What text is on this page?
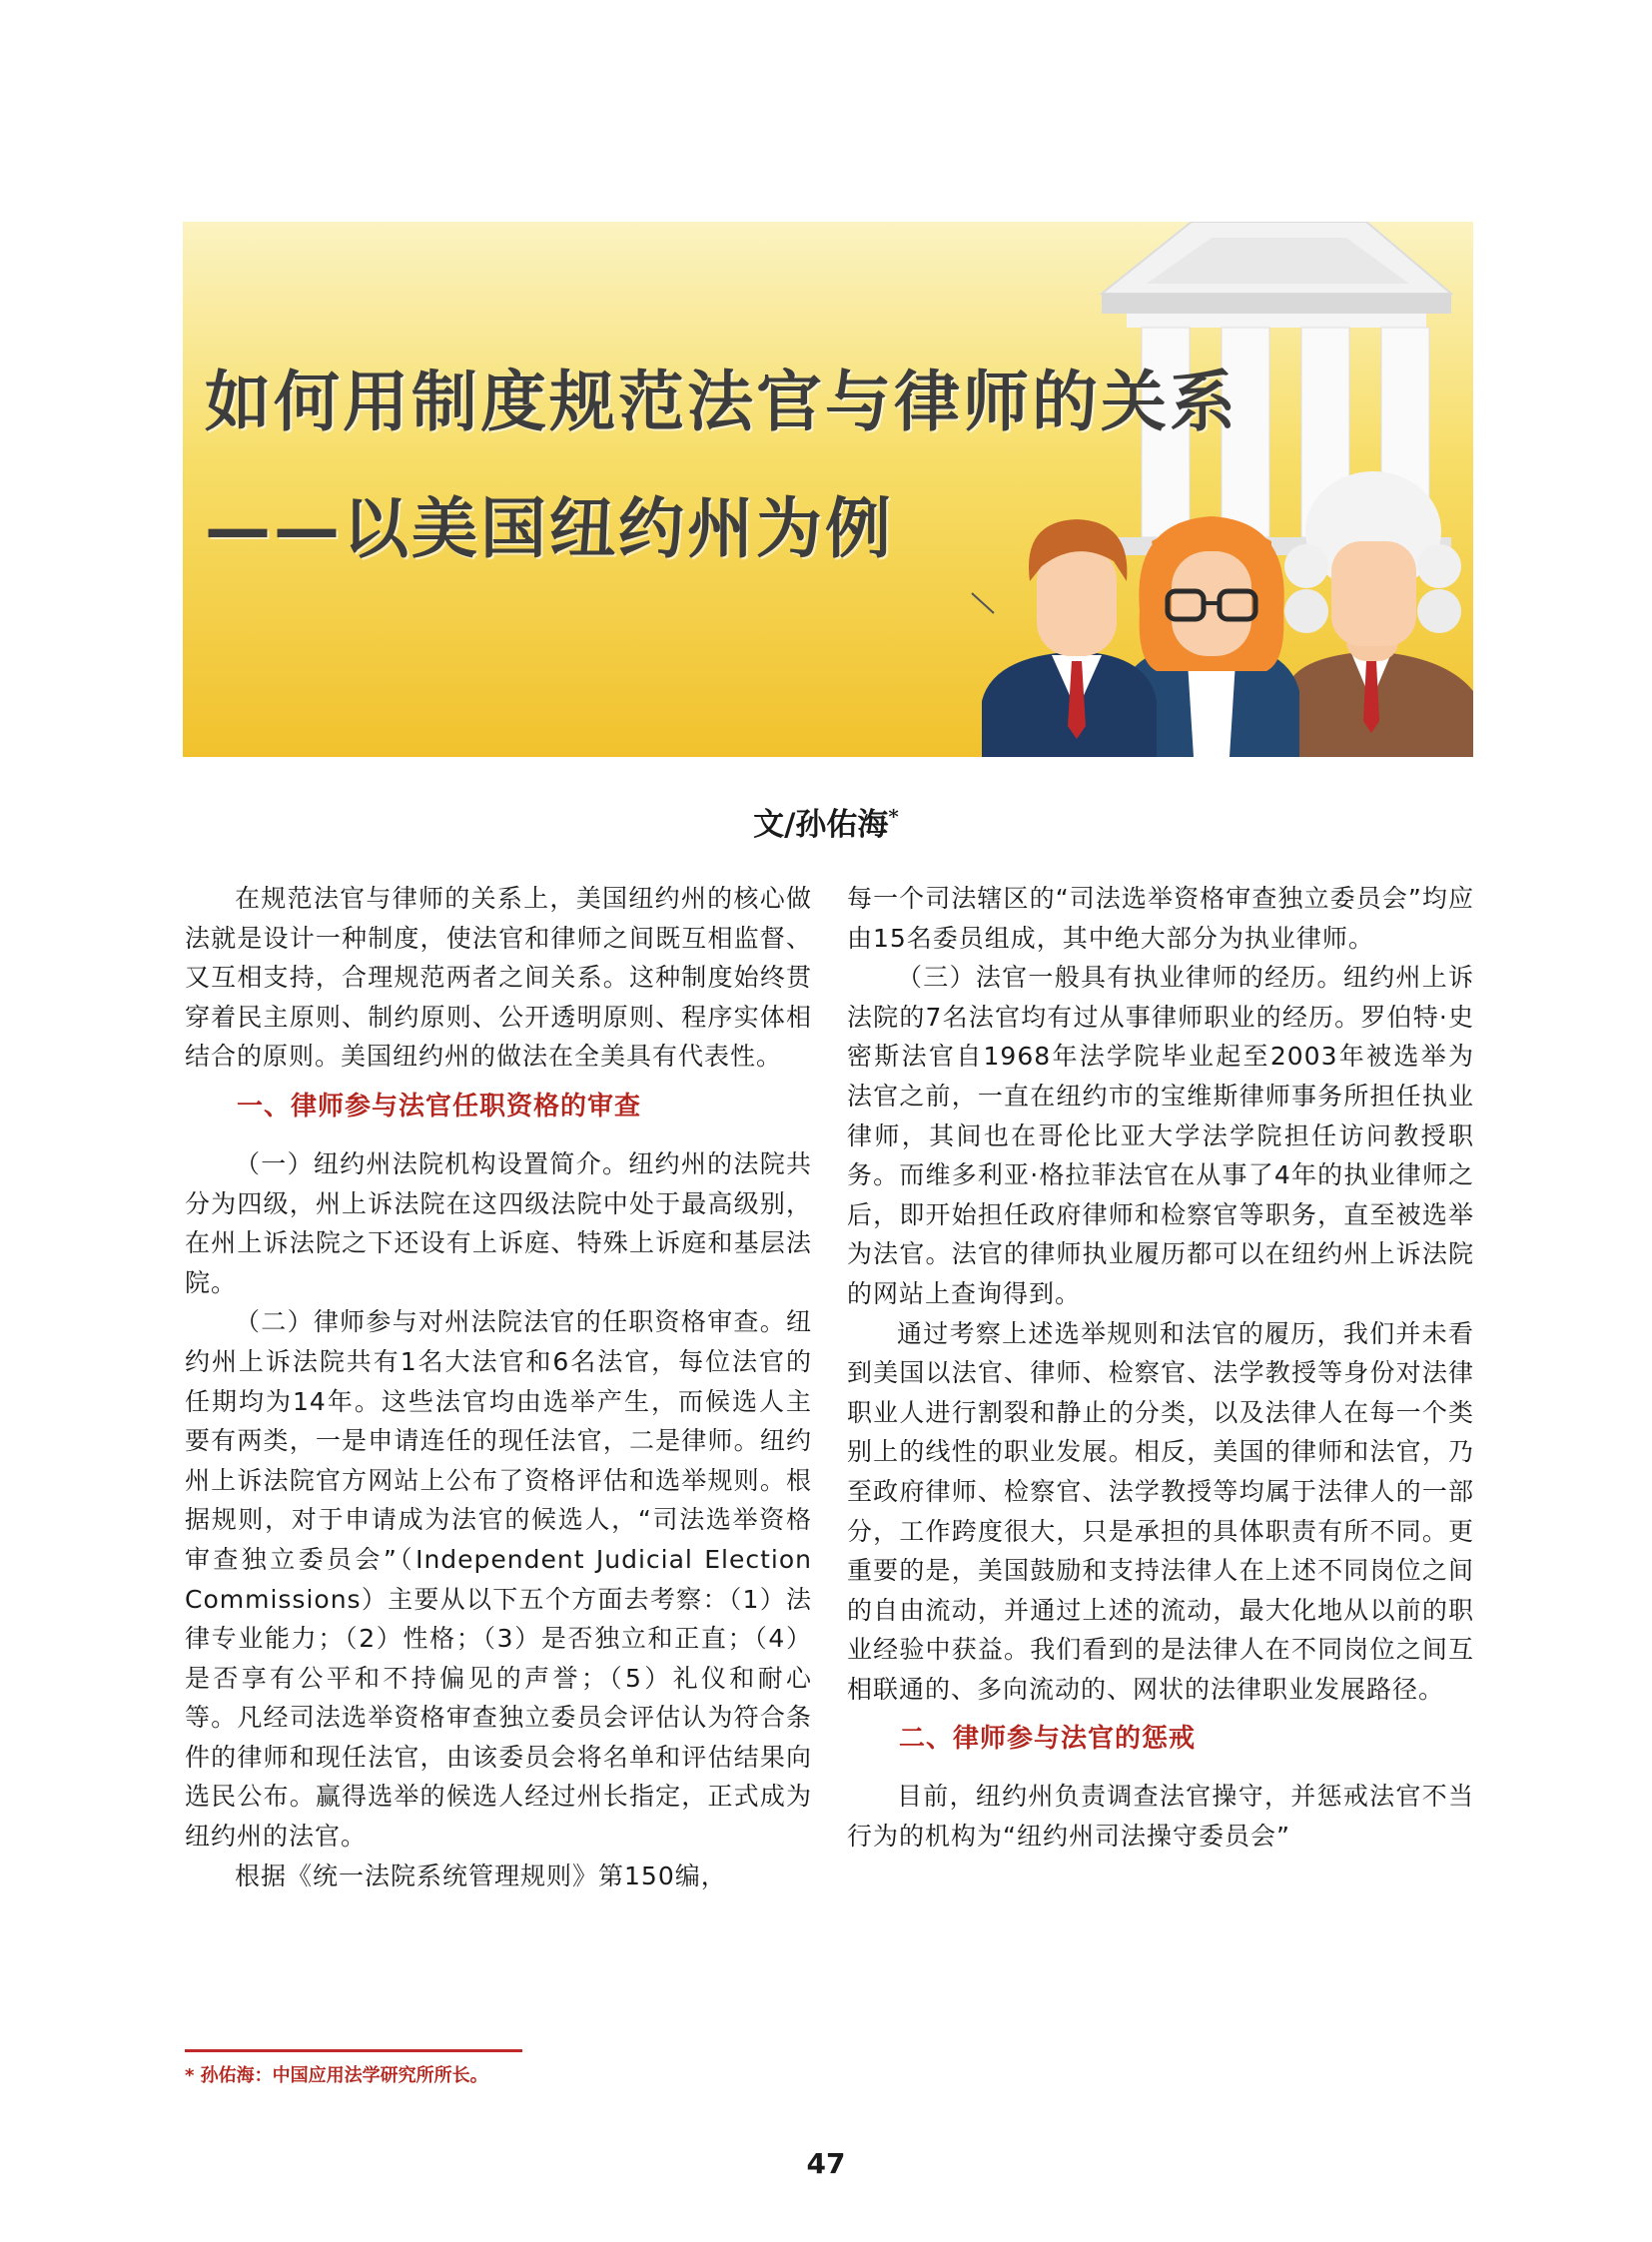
如何用制度规范法官与律师的关系
——以美国纽约州为例

文/孙佑海*

在规范法官与律师的关系上，美国纽约州的核心做法就是设计一种制度，使法官和律师之间既互相监督、又互相支持，合理规范两者之间关系。这种制度始终贯穿着民主原则、制约原则、公开透明原则、程序实体相结合的原则。美国纽约州的做法在全美具有代表性。

一、律师参与法官任职资格的审查

（一）纽约州法院机构设置简介。纽约州的法院共分为四级，州上诉法院在这四级法院中处于最高级别，在州上诉法院之下还设有上诉庭、特殊上诉庭和基层法院。

（二）律师参与对州法院法官的任职资格审查。纽约州上诉法院共有1名大法官和6名法官，每位法官的任期均为14年。这些法官均由选举产生，而候选人主要有两类，一是申请连任的现任法官，二是律师。纽约州上诉法院官方网站上公布了资格评估和选举规则。根据规则，对于申请成为法官的候选人，“司法选举资格审查独立委员会”（Independent Judicial Election Commissions）主要从以下五个方面去考察：（1）法律专业能力；（2）性格；（3）是否独立和正直；（4）是否享有公平和不持偏见的声誉；（5）礼仪和耐心等。凡经司法选举资格审查独立委员会评估认为符合条件的律师和现任法官，由该委员会将名单和评估结果向选民公布。赢得选举的候选人经过州长指定，正式成为纽约州的法官。

根据《统一法院系统管理规则》第150编，

每一个司法辖区的“司法选举资格审查独立委员会”均应由15名委员组成，其中绝大部分为执业律师。

（三）法官一般具有执业律师的经历。纽约州上诉法院的7名法官均有过从事律师职业的经历。罗伯特·史密斯法官自1968年法学院毕业起至2003年被选举为法官之前，一直在纽约市的宝维斯律师事务所担任执业律师，其间也在哥伦比亚大学法学院担任访问教授职务。而维多利亚·格拉菲法官在从事了4年的执业律师之后，即开始担任政府律师和检察官等职务，直至被选举为法官。法官的律师执业履历都可以在纽约州上诉法院的网站上查询得到。

通过考察上述选举规则和法官的履历，我们并未看到美国以法官、律师、检察官、法学教授等身份对法律职业人进行割裂和静止的分类，以及法律人在每一个类别上的线性的职业发展。相反，美国的律师和法官，乃至政府律师、检察官、法学教授等均属于法律人的一部分，工作跨度很大，只是承担的具体职责有所不同。更重要的是，美国鼓励和支持法律人在上述不同岗位之间的自由流动，并通过上述的流动，最大化地从以前的职业经验中获益。我们看到的是法律人在不同岗位之间互相联通的、多向流动的、网状的法律职业发展路径。

二、律师参与法官的惩戒

目前，纽约州负责调查法官操守，并惩戒法官不当行为的机构为“纽约州司法操守委员会”

* 孙佑海：中国应用法学研究所所长。

47
